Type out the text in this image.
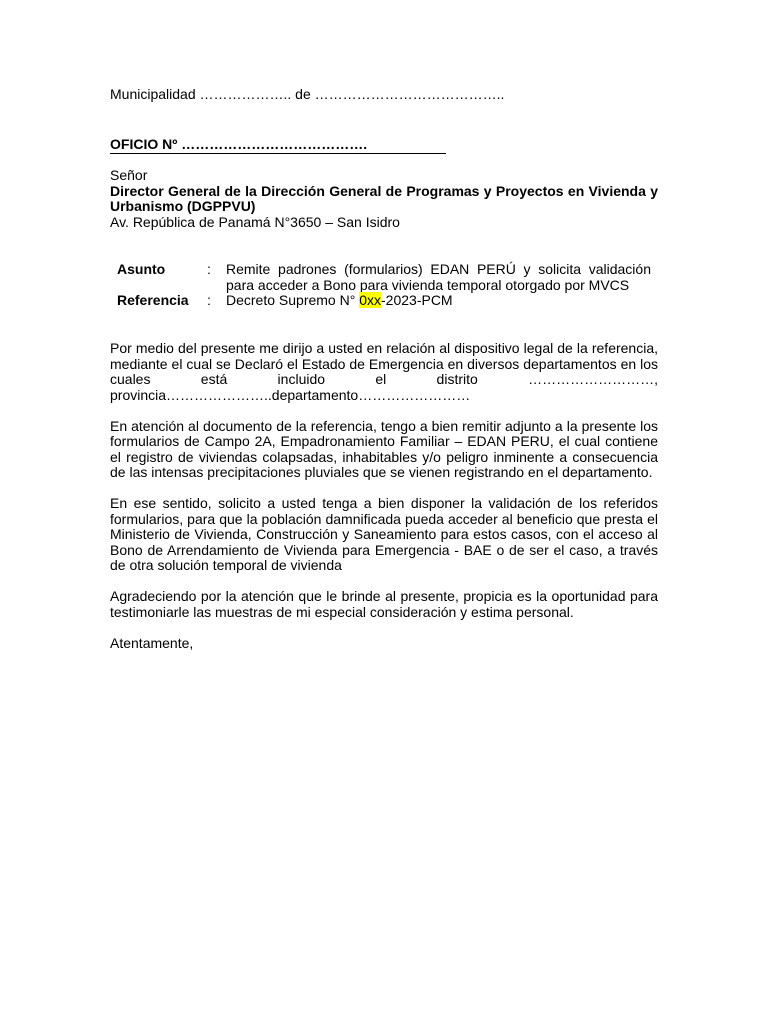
Municipalidad ……………….. de …………………………………..
OFICIO Nº ………………………………….
Señor
Director General de la Dirección General de Programas y Proyectos en Vivienda y Urbanismo (DGPPVU)
Av. República de Panamá N°3650 – San Isidro
Asunto	:	Remite padrones (formularios) EDAN PERÚ y solicita validación para acceder a Bono para vivienda temporal otorgado por MVCS
Referencia	:	Decreto Supremo N° 0xx-2023-PCM

Por medio del presente me dirijo a usted en relación al dispositivo legal de la referencia, mediante el cual se Declaró el Estado de Emergencia en diversos departamentos en los cuales está incluido el distrito ………………………, provincia…………………..departamento……………………

En atención al documento de la referencia, tengo a bien remitir adjunto a la presente los formularios de Campo 2A, Empadronamiento Familiar – EDAN PERU, el cual contiene el registro de viviendas colapsadas, inhabitables y/o peligro inminente a consecuencia de las intensas precipitaciones pluviales que se vienen registrando en el departamento.

En ese sentido, solicito a usted tenga a bien disponer la validación de los referidos formularios, para que la población damnificada pueda acceder al beneficio que presta el Ministerio de Vivienda, Construcción y Saneamiento para estos casos, con el acceso al Bono de Arrendamiento de Vivienda para Emergencia - BAE o de ser el caso, a través de otra solución temporal de vivienda

Agradeciendo por la atención que le brinde al presente, propicia es la oportunidad para testimoniarle las muestras de mi especial consideración y estima personal.

Atentamente,
